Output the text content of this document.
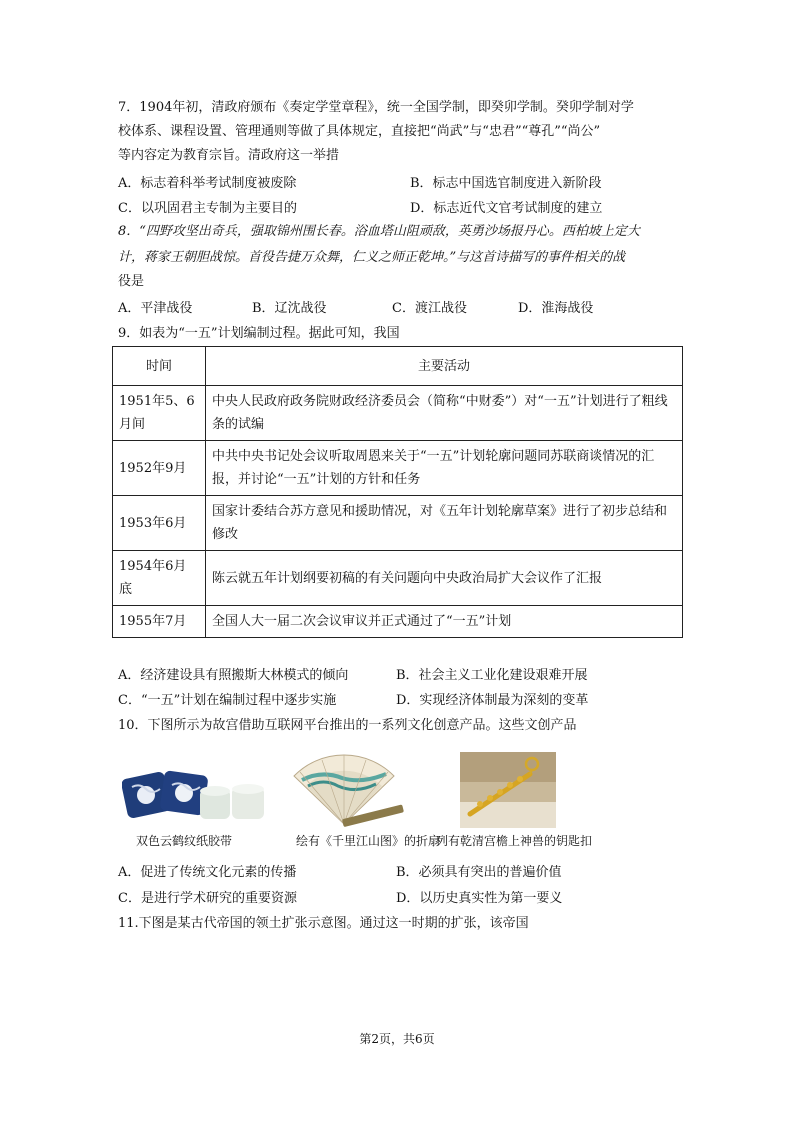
7．1904年初，清政府颁布《奏定学堂章程》，统一全国学制，即癸卯学制。癸卯学制对学
校体系、课程设置、管理通则等做了具体规定，直接把“尚武”与“忠君”“尊孔”“尚公”
等内容定为教育宗旨。清政府这一举措
A．标志着科举考试制度被废除	B．标志中国选官制度进入新阶段
C．以巩固君主专制为主要目的	D．标志近代文官考试制度的建立
8．“四野攻坚出奇兵，强取锦州围长春。浴血塔山阻顽敌，英勇沙场报丹心。西柏坡上定大
计，蒋家王朝胆战惊。首役告捷万众舞，仁义之师正乾坤。”与这首诗描写的事件相关的战
役是
A．平津战役	B．辽沈战役	C．渡江战役	D．淮海战役
9．如表为“一五”计划编制过程。据此可知，我国
时间	主要活动
1951年5、6月间	中央人民政府政务院财政经济委员会（简称“中财委”）对“一五”计划进行了粗线条的试编
1952年9月	中共中央书记处会议听取周恩来关于“一五”计划轮廓问题同苏联商谈情况的汇报，并讨论“一五”计划的方针和任务
1953年6月	国家计委结合苏方意见和援助情况，对《五年计划轮廓草案》进行了初步总结和修改
1954年6月底	陈云就五年计划纲要初稿的有关问题向中央政治局扩大会议作了汇报
1955年7月	全国人大一届二次会议审议并正式通过了“一五”计划
A．经济建设具有照搬斯大林模式的倾向	B．社会主义工业化建设艰难开展
C．“一五”计划在编制过程中逐步实施	D．实现经济体制最为深刻的变革
10．下图所示为故宫借助互联网平台推出的一系列文化创意产品。这些文创产品
双色云鹤纹纸胶带	绘有《千里江山图》的折扇
列有乾清宫檐上神兽的钥匙扣
A．促进了传统文化元素的传播	B．必须具有突出的普遍价值
C．是进行学术研究的重要资源	D．以历史真实性为第一要义
11.下图是某古代帝国的领土扩张示意图。通过这一时期的扩张，该帝国
第2页，共6页
